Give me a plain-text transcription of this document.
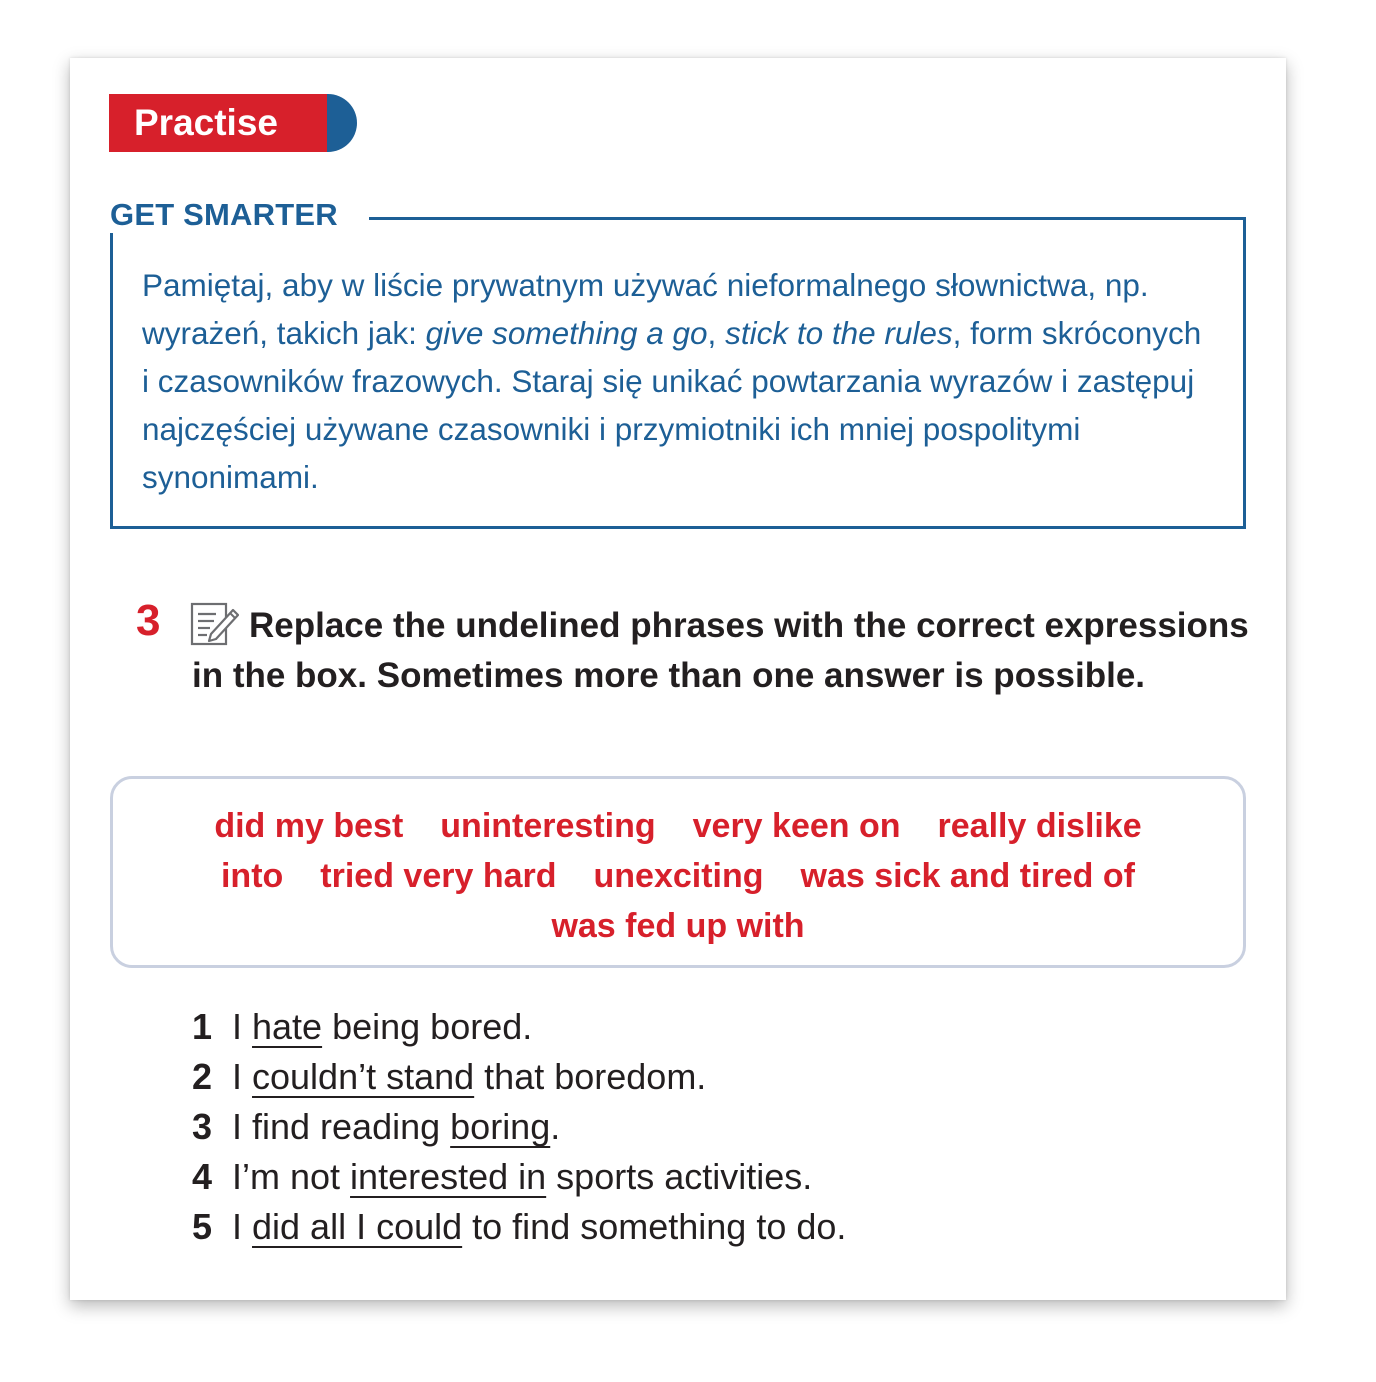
Practise
Pamiętaj, aby w liście prywatnym używać nieformalnego słownictwa, np. wyrażeń, takich jak: give something a go, stick to the rules, form skróconych i czasowników frazowych. Staraj się unikać powtarzania wyrazów i zastępuj najczęściej używane czasowniki i przymiotniki ich mniej pospolitymi synonimami.
GET SMARTER
3	Replace the undelined phrases with the correct expressions in the box. Sometimes more than one answer is possible.
did my best uninteresting very keen on really dislike
into tried very hard unexciting was sick and tired of
was fed up with
1 I hate being bored.
2 I couldn’t stand that boredom.
3 I find reading boring.
4 I’m not interested in sports activities.
5 I did all I could to find something to do.
